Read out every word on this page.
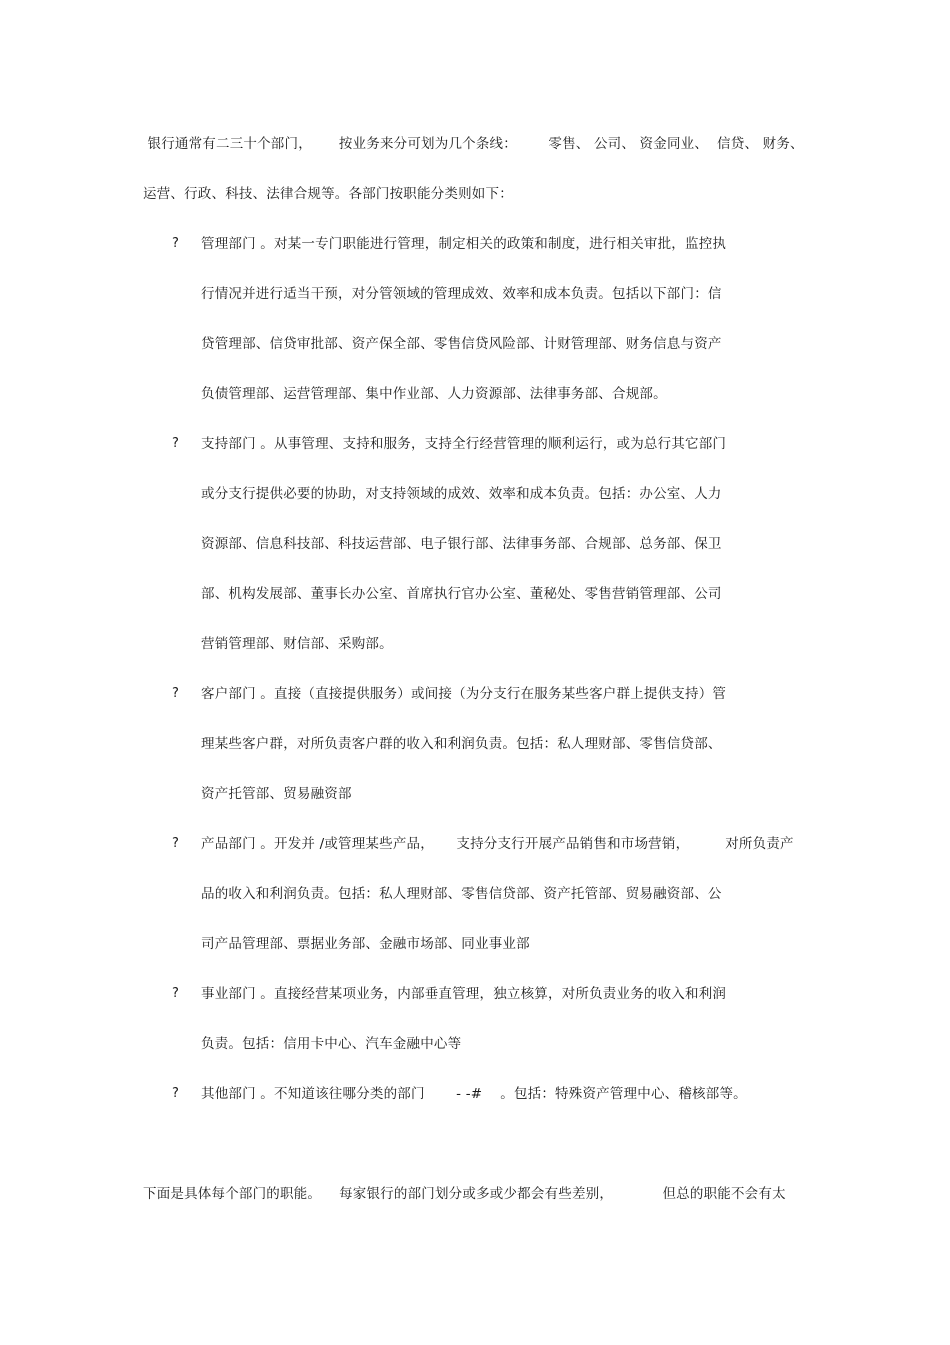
银行通常有二三十个部门，      按业务来分可划为几个条线：       零售、 公司、 资金同业、  信贷、 财务、
运营、行政、科技、法律合规等。各部门按职能分类则如下：
? 管理部门 。对某一专门职能进行管理，制定相关的政策和制度，进行相关审批，监控执
行情况并进行适当干预，对分管领域的管理成效、效率和成本负责。包括以下部门：信
贷管理部、信贷审批部、资产保全部、零售信贷风险部、计财管理部、财务信息与资产
负债管理部、运营管理部、集中作业部、人力资源部、法律事务部、合规部。
? 支持部门 。从事管理、支持和服务，支持全行经营管理的顺利运行，或为总行其它部门
或分支行提供必要的协助，对支持领域的成效、效率和成本负责。包括：办公室、人力
资源部、信息科技部、科技运营部、电子银行部、法律事务部、合规部、总务部、保卫
部、机构发展部、董事长办公室、首席执行官办公室、董秘处、零售营销管理部、公司
营销管理部、财信部、采购部。
? 客户部门 。直接（直接提供服务）或间接（为分支行在服务某些客户群上提供支持）管
理某些客户群，对所负责客户群的收入和利润负责。包括：私人理财部、零售信贷部、
资产托管部、贸易融资部
? 产品部门 。开发并 /或管理某些产品，     支持分支行开展产品销售和市场营销，        对所负责产
品的收入和利润负责。包括：私人理财部、零售信贷部、资产托管部、贸易融资部、公
司产品管理部、票据业务部、金融市场部、同业事业部
? 事业部门 。直接经营某项业务，内部垂直管理，独立核算，对所负责业务的收入和利润
负责。包括：信用卡中心、汽车金融中心等
? 其他部门 。不知道该往哪分类的部门       - -#    。包括：特殊资产管理中心、稽核部等。
下面是具体每个部门的职能。    每家银行的部门划分或多或少都会有些差别，           但总的职能不会有太
